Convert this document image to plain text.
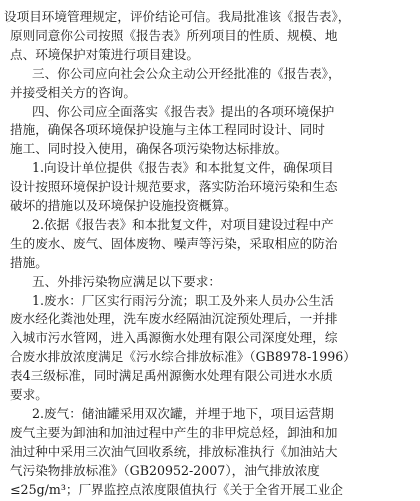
设项目环境管理规定，评价结论可信。我局批准该《报告表》，
原则同意你公司按照《报告表》所列项目的性质、规模、地
点、环境保护对策进行项目建设。
三、你公司应向社会公众主动公开经批准的《报告表》，
并接受相关方的咨询。
四、你公司应全面落实《报告表》提出的各项环境保护
措施，确保各项环境保护设施与主体工程同时设计、同时
施工、同时投入使用，确保各项污染物达标排放。
1.向设计单位提供《报告表》和本批复文件，确保项目
设计按照环境保护设计规范要求，落实防治环境污染和生态
破坏的措施以及环境保护设施投资概算。
2.依据《报告表》和本批复文件，对项目建设过程中产
生的废水、废气、固体废物、噪声等污染，采取相应的防治
措施。
五、外排污染物应满足以下要求：
1.废水：厂区实行雨污分流；职工及外来人员办公生活
废水经化粪池处理，洗车废水经隔油沉淀预处理后，一并排
入城市污水管网，进入禹源衡水处理有限公司深度处理，综
合废水排放浓度满足《污水综合排放标准》（GB8978-1996）
表4三级标准，同时满足禹州源衡水处理有限公司进水水质
要求。
2.废气：储油罐采用双次罐，并埋于地下，项目运营期
废气主要为卸油和加油过程中产生的非甲烷总烃，卸油和加
油过种中采用三次油气回收系统，排放标准执行《加油站大
气污染物排放标准》（GB20952-2007），油气排放浓度
≤25g/m³；厂界监控点浓度限值执行《关于全省开展工业企
